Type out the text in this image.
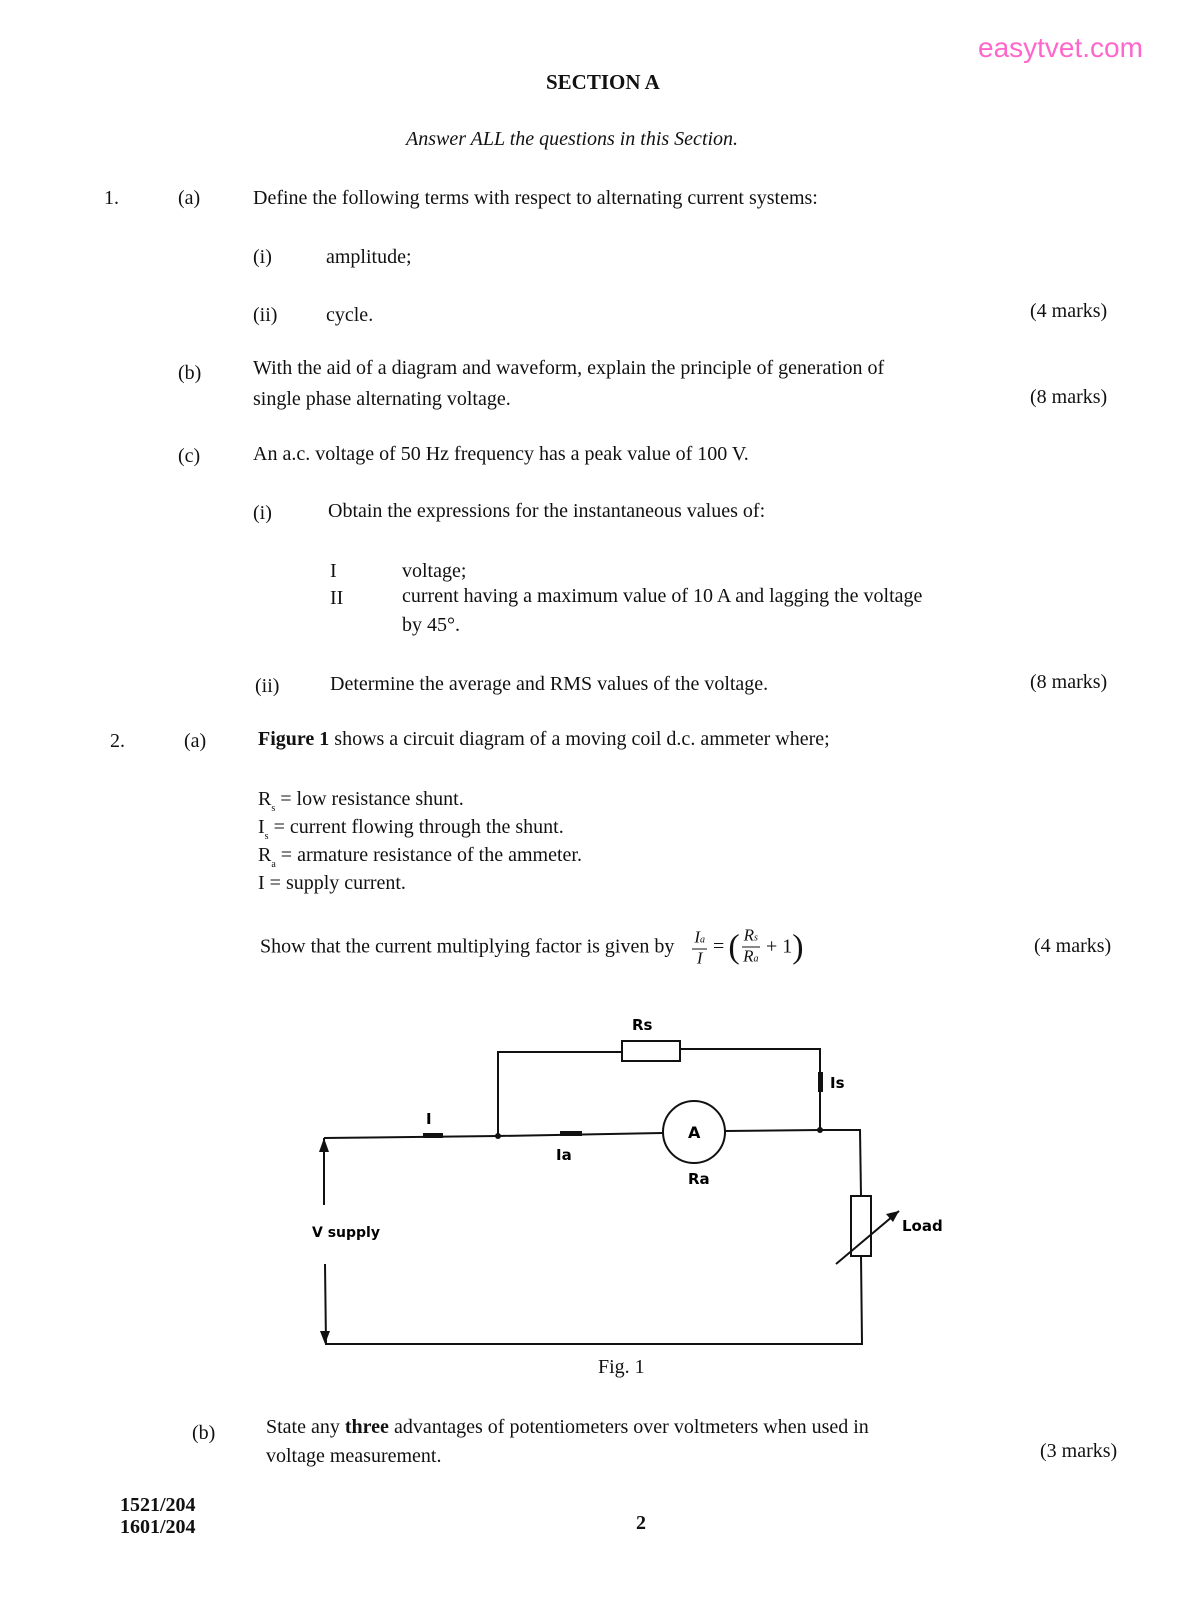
easytvet.com
SECTION A
Answer ALL the questions in this Section.
1.	(a)	Define the following terms with respect to alternating current systems:
(i)	amplitude;
(ii) cycle.	(4 marks)
(b)	With the aid of a diagram and waveform, explain the principle of generation of
single phase alternating voltage.	(8 marks)
(c)	An a.c. voltage of 50 Hz frequency has a peak value of 100 V.
(i)	Obtain the expressions for the instantaneous values of:
I	voltage;
II	current having a maximum value of 10 A and lagging the voltage
by 45°.
(ii)	Determine the average and RMS values of the voltage.	(8 marks)
2.	(a)	Figure 1 shows a circuit diagram of a moving coil d.c. ammeter where;
$R_s$ = low resistance shunt.
$I_s$ = current flowing through the shunt.
$R_a$ = armature resistance of the ammeter.
I = supply current.
Show that the current multiplying factor is given by $\frac{Ia}{I}$ = ( $\frac{Rs}{Ra} + 1$ )	(4 marks)
Rs
Is
I
Ia
A
Ra
V supply	Load
Fig. 1
(b)	State any three advantages of potentiometers over voltmeters when used in
voltage measurement.	(3 marks)
1521/204
1601/204	2
